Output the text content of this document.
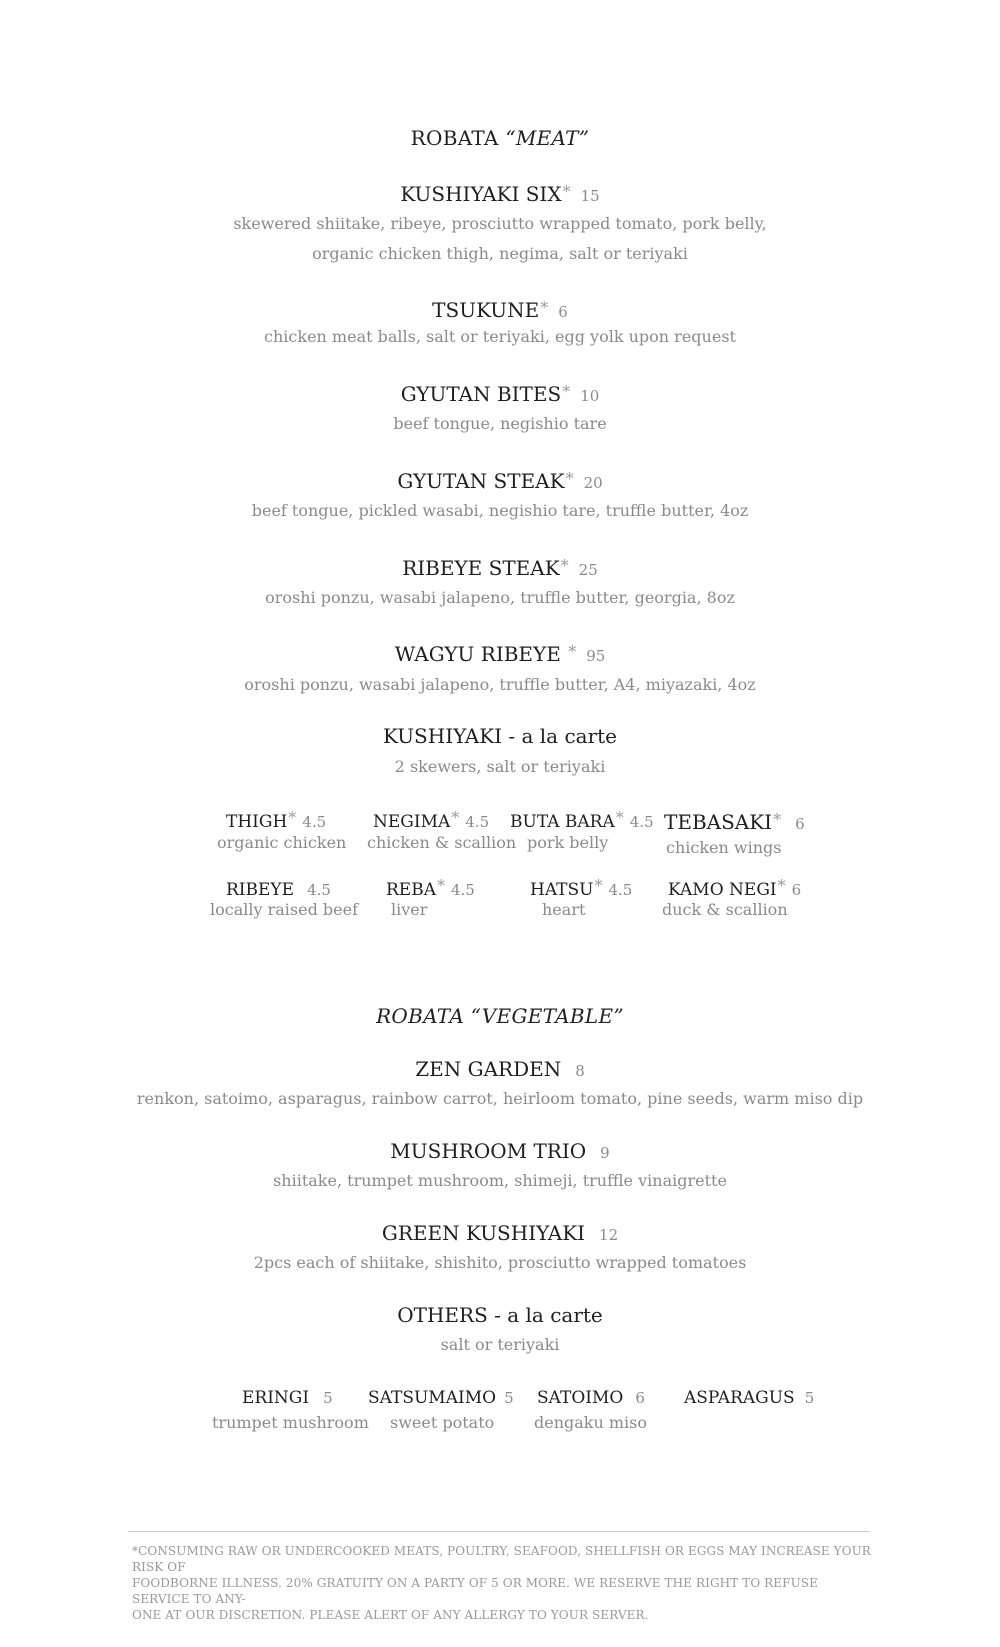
ROBATA “MEAT”
KUSHIYAKI SIX* 15
skewered shiitake, ribeye, prosciutto wrapped tomato, pork belly,
organic chicken thigh, negima, salt or teriyaki
TSUKUNE* 6
chicken meat balls, salt or teriyaki, egg yolk upon request
GYUTAN BITES* 10
beef tongue, negishio tare
GYUTAN STEAK* 20
beef tongue, pickled wasabi, negishio tare, truffle butter, 4oz
RIBEYE STEAK* 25
oroshi ponzu, wasabi jalapeno, truffle butter, georgia, 8oz
WAGYU RIBEYE * 95
oroshi ponzu, wasabi jalapeno, truffle butter, A4, miyazaki, 4oz
KUSHIYAKI - a la carte
2 skewers, salt or teriyaki
THIGH* 4.5
organic chicken
NEGIMA* 4.5
chicken & scallion
BUTA BARA* 4.5
pork belly
TEBASAKI* 6
chicken wings
RIBEYE 4.5
locally raised beef
REBA* 4.5
liver
HATSU* 4.5
heart
KAMO NEGI* 6
duck & scallion
ROBATA “VEGETABLE”
ZEN GARDEN 8
renkon, satoimo, asparagus, rainbow carrot, heirloom tomato, pine seeds, warm miso dip
MUSHROOM TRIO 9
shiitake, trumpet mushroom, shimeji, truffle vinaigrette
GREEN KUSHIYAKI 12
2pcs each of shiitake, shishito, prosciutto wrapped tomatoes
OTHERS - a la carte
salt or teriyaki
ERINGI 5
trumpet mushroom
SATSUMAIMO 5
sweet potato
SATOIMO 6
dengaku miso
ASPARAGUS 5
*CONSUMING RAW OR UNDERCOOKED MEATS, POULTRY, SEAFOOD, SHELLFISH OR EGGS MAY INCREASE YOUR RISK OF
FOODBORNE ILLNESS. 20% GRATUITY ON A PARTY OF 5 OR MORE. WE RESERVE THE RIGHT TO REFUSE SERVICE TO ANY-
ONE AT OUR DISCRETION. PLEASE ALERT OF ANY ALLERGY TO YOUR SERVER.
